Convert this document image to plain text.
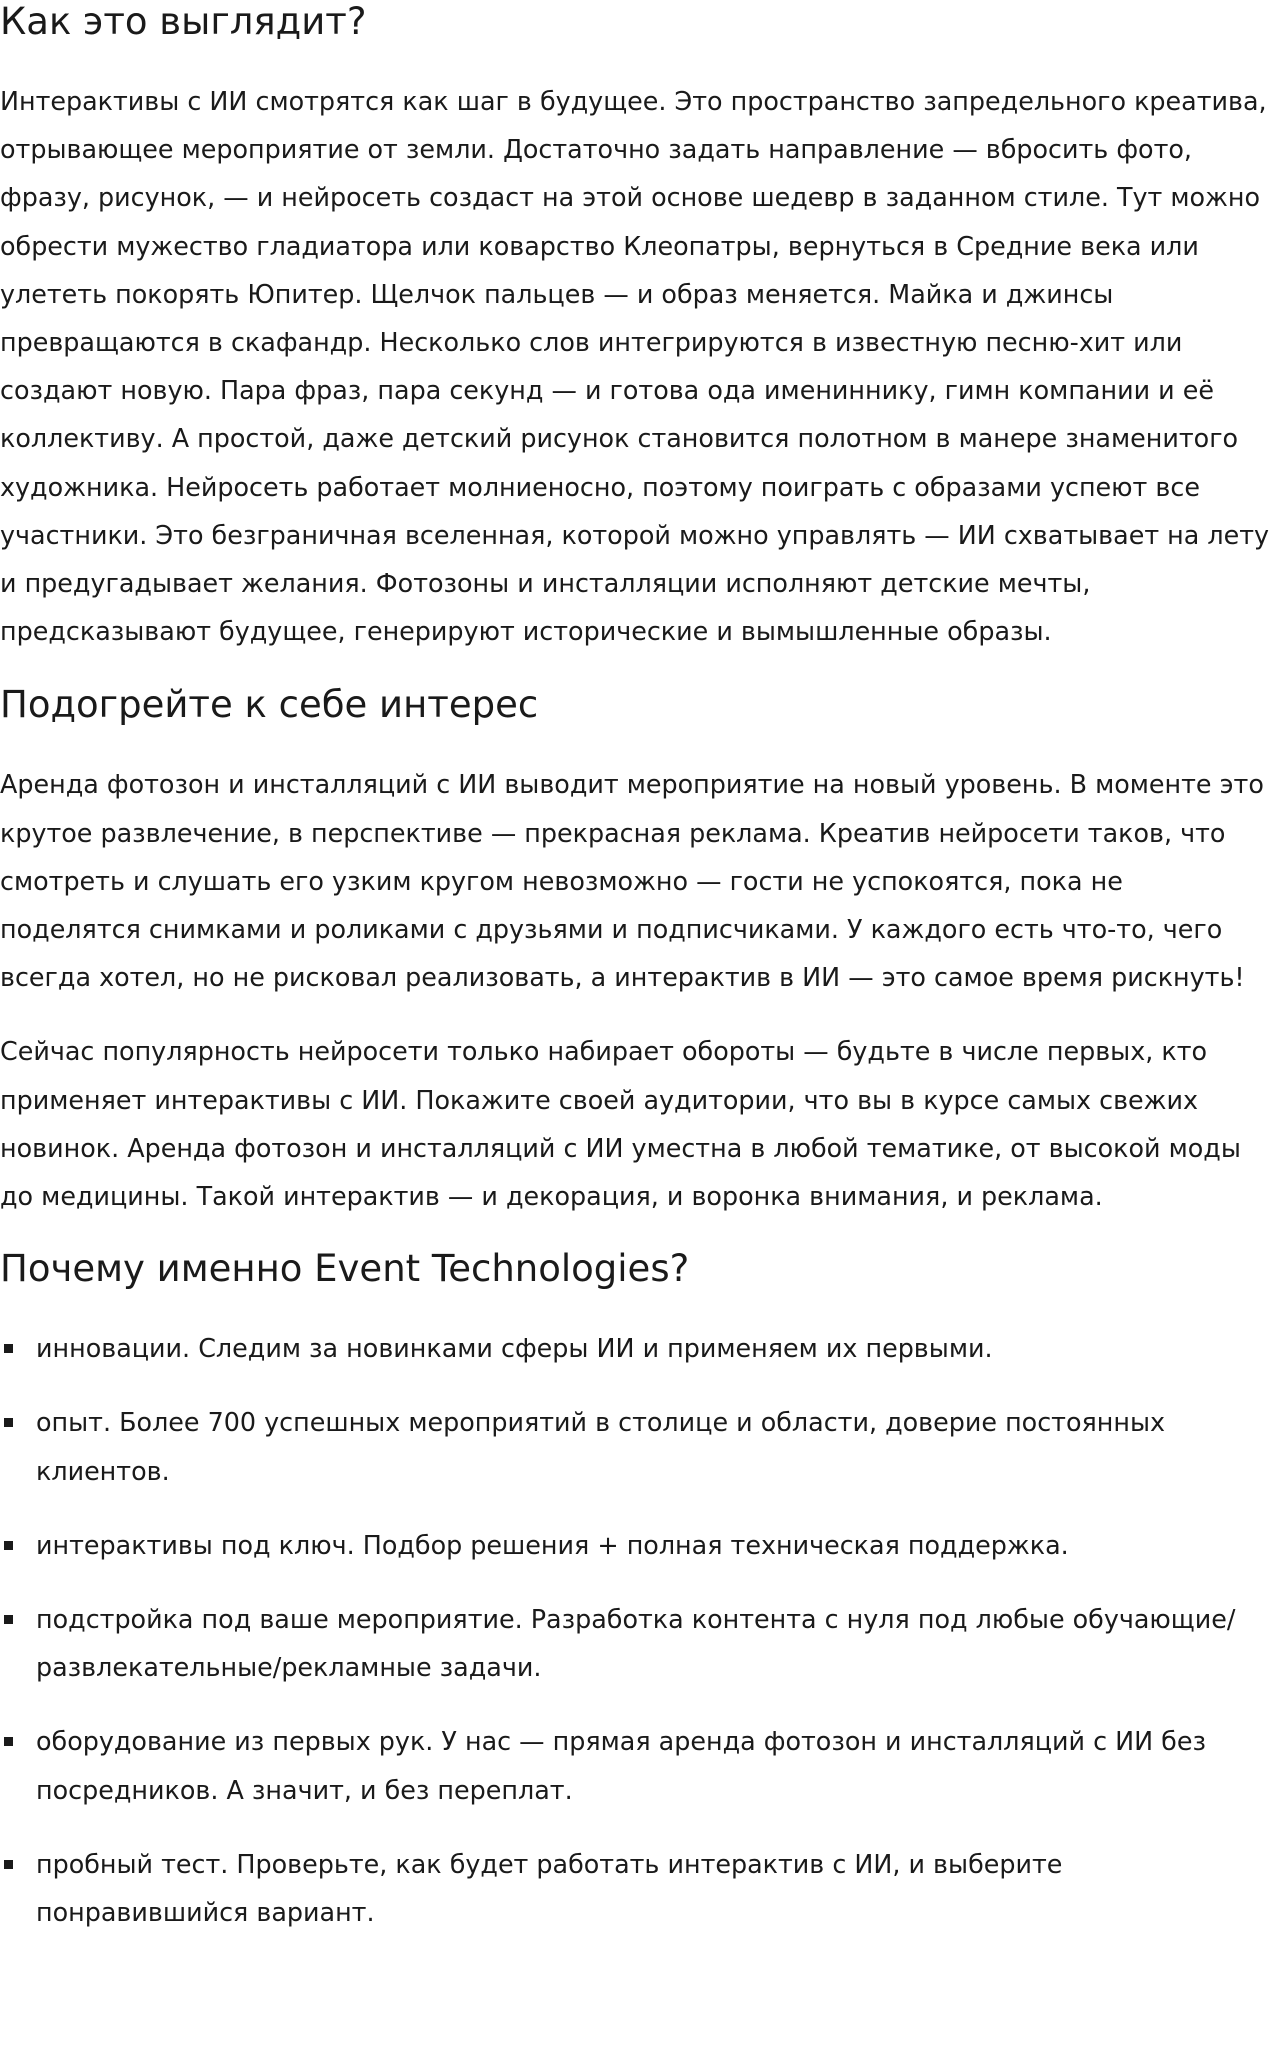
Как это выглядит?

Интерактивы с ИИ смотрятся как шаг в будущее. Это пространство запредельного креатива, отрывающее мероприятие от земли. Достаточно задать направление — вбросить фото, фразу, рисунок, — и нейросеть создаст на этой основе шедевр в заданном стиле. Тут можно обрести мужество гладиатора или коварство Клеопатры, вернуться в Средние века или улететь покорять Юпитер. Щелчок пальцев — и образ меняется. Майка и джинсы превращаются в скафандр. Несколько слов интегрируются в известную песню-хит или создают новую. Пара фраз, пара секунд — и готова ода имениннику, гимн компании и её коллективу. А простой, даже детский рисунок становится полотном в манере знаменитого художника. Нейросеть работает молниеносно, поэтому поиграть с образами успеют все участники. Это безграничная вселенная, которой можно управлять — ИИ схватывает на лету и предугадывает желания. Фотозоны и инсталляции исполняют детские мечты, предсказывают будущее, генерируют исторические и вымышленные образы.

Подогрейте к себе интерес

Аренда фотозон и инсталляций с ИИ выводит мероприятие на новый уровень. В моменте это крутое развлечение, в перспективе — прекрасная реклама. Креатив нейросети таков, что смотреть и слушать его узким кругом невозможно — гости не успокоятся, пока не поделятся снимками и роликами с друзьями и подписчиками. У каждого есть что-то, чего всегда хотел, но не рисковал реализовать, а интерактив в ИИ — это самое время рискнуть!

Сейчас популярность нейросети только набирает обороты — будьте в числе первых, кто применяет интерактивы с ИИ. Покажите своей аудитории, что вы в курсе самых свежих новинок. Аренда фотозон и инсталляций с ИИ уместна в любой тематике, от высокой моды до медицины. Такой интерактив — и декорация, и воронка внимания, и реклама.

Почему именно Event Technologies?
инновации. Следим за новинками сферы ИИ и применяем их первыми.
опыт. Более 700 успешных мероприятий в столице и области, доверие постоянных клиентов.
интерактивы под ключ. Подбор решения + полная техническая поддержка.
подстройка под ваше мероприятие. Разработка контента с нуля под любые обучающие/развлекательные/рекламные задачи.
оборудование из первых рук. У нас — прямая аренда фотозон и инсталляций с ИИ без посредников. А значит, и без переплат.
пробный тест. Проверьте, как будет работать интерактив с ИИ, и выберите понравившийся вариант.
